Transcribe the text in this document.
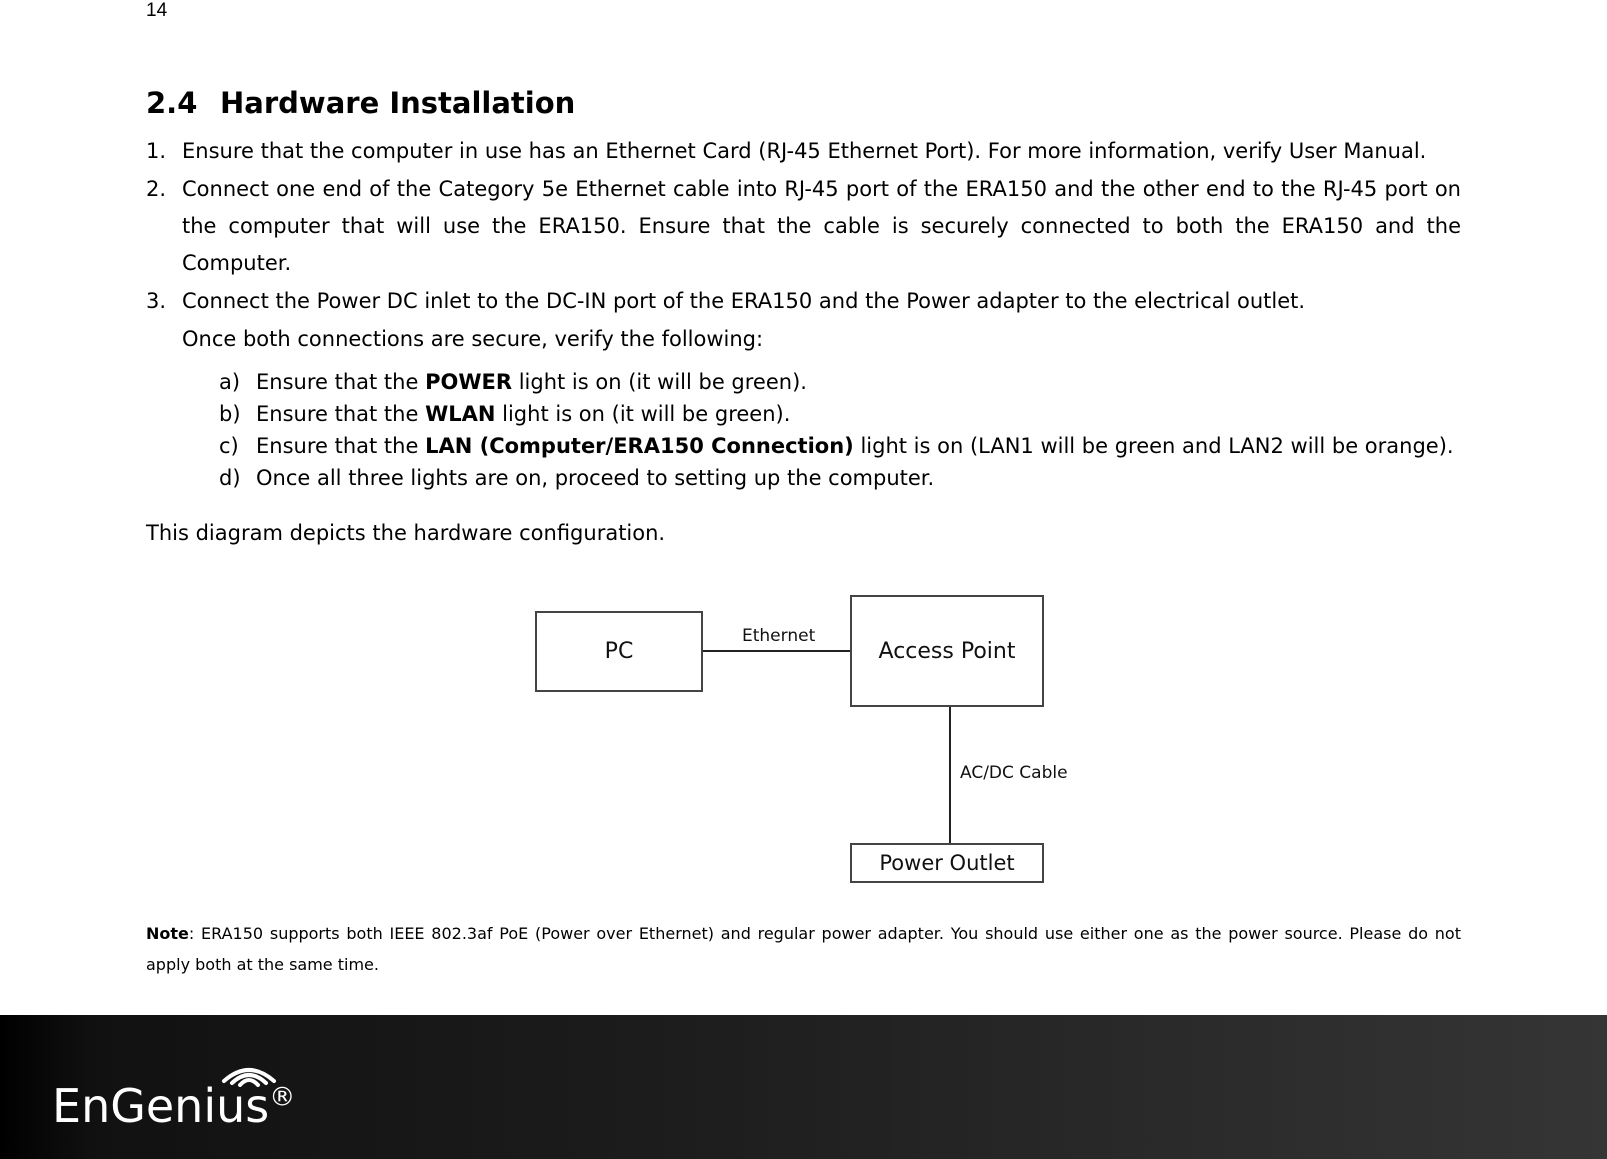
14
2.4 Hardware Installation
1. Ensure that the computer in use has an Ethernet Card (RJ-45 Ethernet Port). For more information, verify User Manual.
2. Connect one end of the Category 5e Ethernet cable into RJ-45 port of the ERA150 and the other end to the RJ-45 port on the computer that will use the ERA150. Ensure that the cable is securely connected to both the ERA150 and the Computer.
3. Connect the Power DC inlet to the DC-IN port of the ERA150 and the Power adapter to the electrical outlet.
Once both connections are secure, verify the following:
a) Ensure that the POWER light is on (it will be green).
b) Ensure that the WLAN light is on (it will be green).
c) Ensure that the LAN (Computer/ERA150 Connection) light is on (LAN1 will be green and LAN2 will be orange).
d) Once all three lights are on, proceed to setting up the computer.
This diagram depicts the hardware configuration.
PC
Ethernet
Access Point
AC/DC Cable
Power Outlet
Note: ERA150 supports both IEEE 802.3af PoE (Power over Ethernet) and regular power adapter. You should use either one as the power source. Please do not apply both at the same time.
EnGenius®
